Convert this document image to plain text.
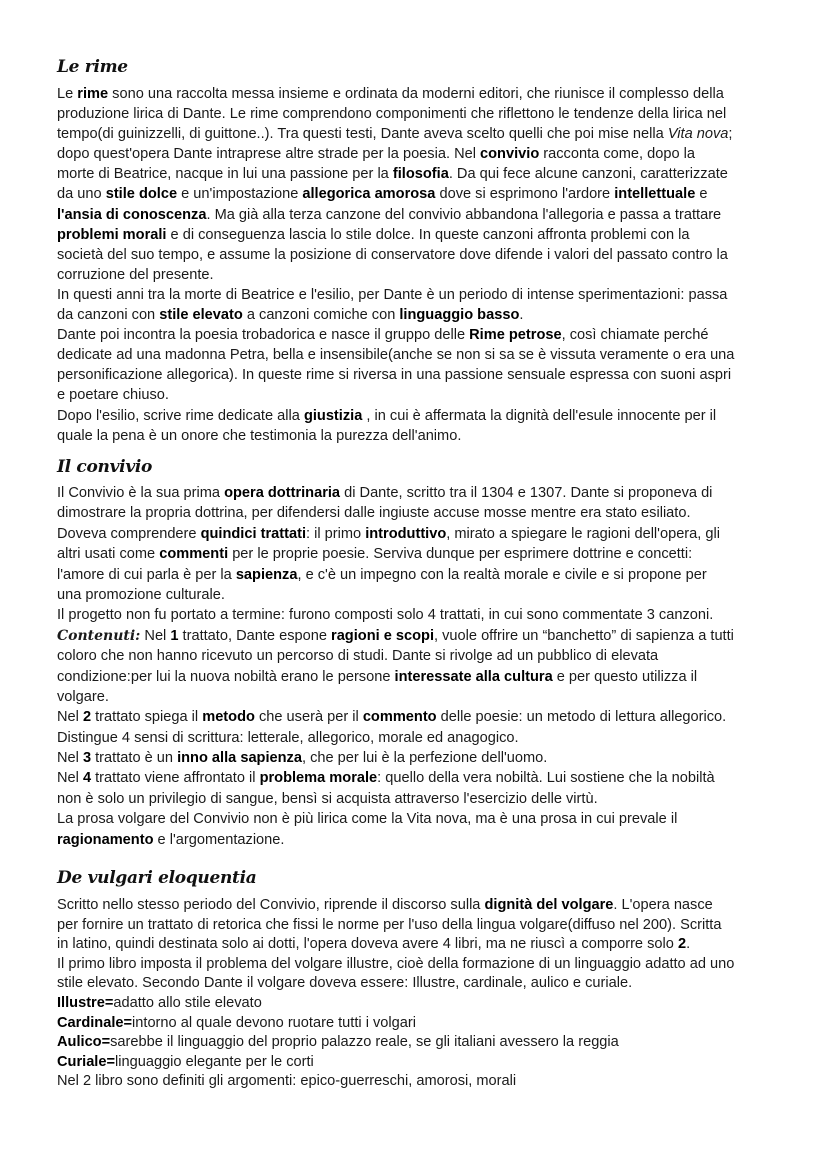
Le rime
Le rime sono una raccolta messa insieme e ordinata da moderni editori, che riunisce il complesso della
produzione lirica di Dante. Le rime comprendono componimenti che riflettono le tendenze della lirica nel
tempo(di guinizzelli, di guittone..). Tra questi testi, Dante aveva scelto quelli che poi mise nella Vita nova;
dopo quest'opera Dante intraprese altre strade per la poesia. Nel convivio racconta come, dopo la
morte di Beatrice, nacque in lui una passione per la filosofia. Da qui fece alcune canzoni, caratterizzate
da uno stile dolce e un'impostazione allegorica amorosa dove si esprimono l'ardore intellettuale e
l'ansia di conoscenza. Ma già alla terza canzone del convivio abbandona l'allegoria e passa a trattare
problemi morali e di conseguenza lascia lo stile dolce. In queste canzoni affronta problemi con la
società del suo tempo, e assume la posizione di conservatore dove difende i valori del passato contro la
corruzione del presente.
In questi anni tra la morte di Beatrice e l'esilio, per Dante è un periodo di intense sperimentazioni: passa
da canzoni con stile elevato a canzoni comiche con linguaggio basso.
Dante poi incontra la poesia trobadorica e nasce il gruppo delle Rime petrose, così chiamate perché
dedicate ad una madonna Petra, bella e insensibile(anche se non si sa se è vissuta veramente o era una
personificazione allegorica). In queste rime si riversa in una passione sensuale espressa con suoni aspri
e poetare chiuso.
Dopo l'esilio, scrive rime dedicate alla giustizia , in cui è affermata la dignità dell'esule innocente per il
quale la pena è un onore che testimonia la purezza dell'animo.
Il convivio
Il Convivio è la sua prima opera dottrinaria di Dante, scritto tra il 1304 e 1307. Dante si proponeva di
dimostrare la propria dottrina, per difendersi dalle ingiuste accuse mosse mentre era stato esiliato.
Doveva comprendere quindici trattati: il primo introduttivo, mirato a spiegare le ragioni dell'opera, gli
altri usati come commenti per le proprie poesie. Serviva dunque per esprimere dottrine e concetti:
l'amore di cui parla è per la sapienza, e c'è un impegno con la realtà morale e civile e si propone per
una promozione culturale.
Il progetto non fu portato a termine: furono composti solo 4 trattati, in cui sono commentate 3 canzoni.
Contenuti: Nel 1 trattato, Dante espone ragioni e scopi, vuole offrire un “banchetto” di sapienza a tutti
coloro che non hanno ricevuto un percorso di studi. Dante si rivolge ad un pubblico di elevata
condizione:per lui la nuova nobiltà erano le persone interessate alla cultura e per questo utilizza il
volgare.
Nel 2 trattato spiega il metodo che userà per il commento delle poesie: un metodo di lettura allegorico.
Distingue 4 sensi di scrittura: letterale, allegorico, morale ed anagogico.
Nel 3 trattato è un inno alla sapienza, che per lui è la perfezione dell'uomo.
Nel 4 trattato viene affrontato il problema morale: quello della vera nobiltà. Lui sostiene che la nobiltà
non è solo un privilegio di sangue, bensì si acquista attraverso l'esercizio delle virtù.
La prosa volgare del Convivio non è più lirica come la Vita nova, ma è una prosa in cui prevale il
ragionamento e l'argomentazione.
De vulgari eloquentia
Scritto nello stesso periodo del Convivio, riprende il discorso sulla dignità del volgare. L'opera nasce
per fornire un trattato di retorica che fissi le norme per l'uso della lingua volgare(diffuso nel 200). Scritta
in latino, quindi destinata solo ai dotti, l'opera doveva avere 4 libri, ma ne riuscì a comporre solo 2.
Il primo libro imposta il problema del volgare illustre, cioè della formazione di un linguaggio adatto ad uno
stile elevato. Secondo Dante il volgare doveva essere: Illustre, cardinale, aulico e curiale.
Illustre=adatto allo stile elevato
Cardinale=intorno al quale devono ruotare tutti i volgari
Aulico=sarebbe il linguaggio del proprio palazzo reale, se gli italiani avessero la reggia
Curiale=linguaggio elegante per le corti
Nel 2 libro sono definiti gli argomenti: epico-guerreschi, amorosi, morali
